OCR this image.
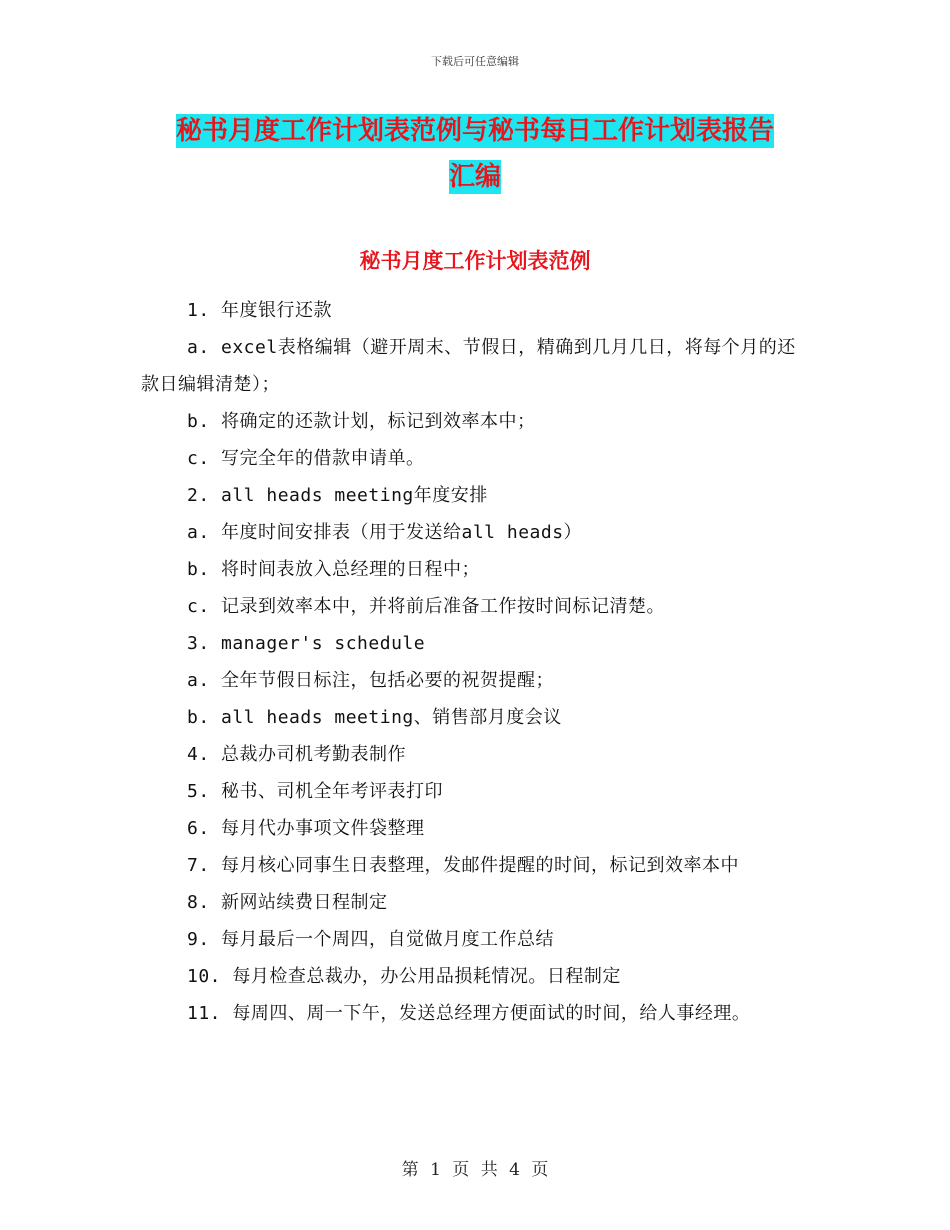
下载后可任意编辑
秘书月度工作计划表范例与秘书每日工作计划表报告
汇编
秘书月度工作计划表范例

1. 年度银行还款

a. excel表格编辑（避开周末、节假日，精确到几月几日，将每个月的还款日编辑清楚）；

b. 将确定的还款计划，标记到效率本中；

c. 写完全年的借款申请单。

2. all heads meeting年度安排

a. 年度时间安排表（用于发送给all heads）

b. 将时间表放入总经理的日程中；

c. 记录到效率本中，并将前后准备工作按时间标记清楚。

3. manager's schedule

a. 全年节假日标注，包括必要的祝贺提醒；

b. all heads meeting、销售部月度会议

4. 总裁办司机考勤表制作

5. 秘书、司机全年考评表打印

6. 每月代办事项文件袋整理

7. 每月核心同事生日表整理，发邮件提醒的时间，标记到效率本中

8. 新网站续费日程制定

9. 每月最后一个周四，自觉做月度工作总结

10. 每月检查总裁办，办公用品损耗情况。日程制定

11. 每周四、周一下午，发送总经理方便面试的时间，给人事经理。

第 1 页 共 4 页
